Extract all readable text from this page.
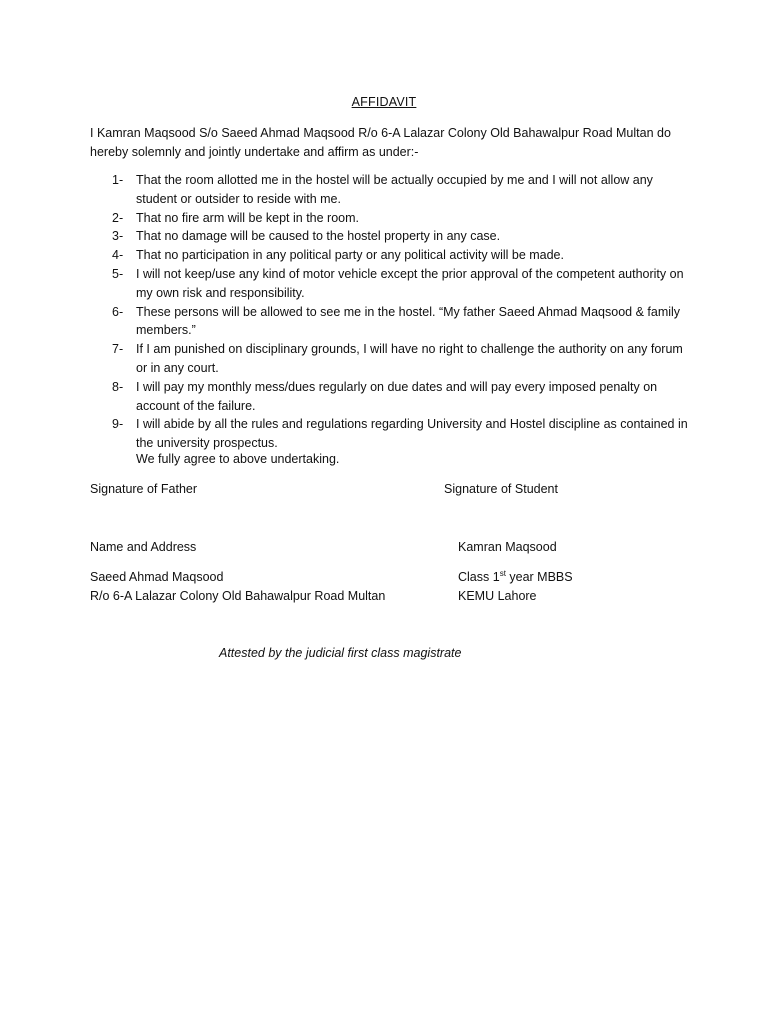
AFFIDAVIT
I Kamran Maqsood S/o Saeed Ahmad Maqsood R/o 6-A Lalazar Colony Old Bahawalpur Road Multan do hereby solemnly and jointly undertake and affirm as under:-
1- That the room allotted me in the hostel will be actually occupied by me and I will not allow any student or outsider to reside with me.
2- That no fire arm will be kept in the room.
3- That no damage will be caused to the hostel property in any case.
4- That no participation in any political party or any political activity will be made.
5- I will not keep/use any kind of motor vehicle except the prior approval of the competent authority on my own risk and responsibility.
6- These persons will be allowed to see me in the hostel. “My father Saeed Ahmad Maqsood & family members.”
7- If I am punished on disciplinary grounds, I will have no right to challenge the authority on any forum or in any court.
8- I will pay my monthly mess/dues regularly on due dates and will pay every imposed penalty on account of the failure.
9- I will abide by all the rules and regulations regarding University and Hostel discipline as contained in the university prospectus.
We fully agree to above undertaking.
Signature of Father	Signature of Student
Name and Address	Kamran Maqsood
Saeed Ahmad Maqsood	Class 1st year MBBS
R/o 6-A Lalazar Colony Old Bahawalpur Road Multan	KEMU Lahore
Attested by the judicial first class magistrate
